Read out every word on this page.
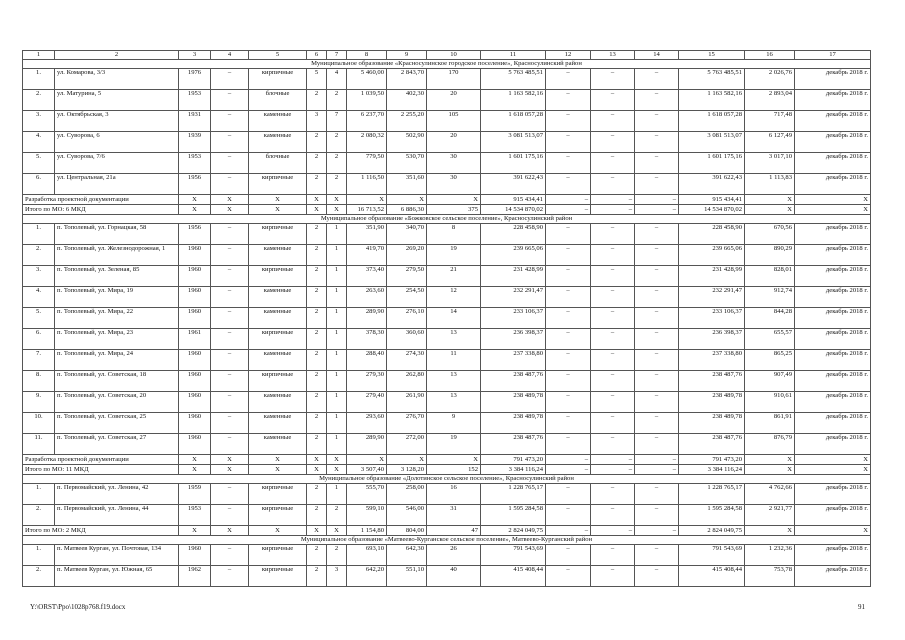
1	2	3	4	5	6	7	8	9	10	11	12	13	14	15	16	17
Муниципальное образование «Красносулинское городское поселение», Красносулинский район																
1.	ул. Комарова, 3/3	1976	–	кирпичные	5	4	5 460,00	2 843,70	170	5 763 485,51	–	–	–	5 763 485,51	2 026,76	декабрь 2018 г.
2.	ул. Матурина, 5	1953	–	блочные	2	2	1 039,50	402,30	20	1 163 582,16	–	–	–	1 163 582,16	2 893,04	декабрь 2018 г.
3.	ул. Октябрьская, 3	1931	–	каменные	3	7	6 237,70	2 255,20	105	1 618 057,28	–	–	–	1 618 057,28	717,48	декабрь 2018 г.
4.	ул. Суворова, 6	1939	–	каменные	2	2	2 080,32	502,90	20	3 081 513,07	–	–	–	3 081 513,07	6 127,49	декабрь 2018 г.
5.	ул. Суворова, 7/6	1953	–	блочные	2	2	779,50	530,70	30	1 601 175,16	–	–	–	1 601 175,16	3 017,10	декабрь 2018 г.
6.	ул. Центральная, 21а	1956	–	кирпичные	2	2	1 116,50	351,60	30	391 622,43	–	–	–	391 622,43	1 113,83	декабрь 2018 г.
Разработка проектной документации		X	X	X	X	X	X	X	X	915 434,41	–	–	–	915 434,41	X	X
Итого по МО: 6 МКД		X	X	X	X	X	16 713,52	6 886,30	375	14 534 870,02	–	–	–	14 534 870,02	X	X
Муниципальное образование «Божковское сельское поселение», Красносулинский район																
1.	п. Тополевый, ул. Горнацкая, 58	1956	–	кирпичные	2	1	351,90	340,70	8	228 458,90	–	–	–	228 458,90	670,56	декабрь 2018 г.
2.	п. Тополевый, ул. Железнодорожная, 1	1960	–	каменные	2	1	419,70	269,20	19	239 665,06	–	–	–	239 665,06	890,29	декабрь 2018 г.
3.	п. Тополевый, ул. Зеленая, 85	1960	–	кирпичные	2	1	373,40	279,50	21	231 428,99	–	–	–	231 428,99	828,01	декабрь 2018 г.
4.	п. Тополевый, ул. Мира, 19	1960	–	каменные	2	1	263,60	254,50	12	232 291,47	–	–	–	232 291,47	912,74	декабрь 2018 г.
5.	п. Тополевый, ул. Мира, 22	1960	–	каменные	2	1	289,90	276,10	14	233 106,37	–	–	–	233 106,37	844,28	декабрь 2018 г.
6.	п. Тополевый, ул. Мира, 23	1961	–	кирпичные	2	1	378,30	360,60	13	236 398,37	–	–	–	236 398,37	655,57	декабрь 2018 г.
7.	п. Тополевый, ул. Мира, 24	1960	–	каменные	2	1	288,40	274,30	11	237 338,80	–	–	–	237 338,80	865,25	декабрь 2018 г.
8.	п. Тополевый, ул. Советская, 18	1960	–	кирпичные	2	1	279,30	262,80	13	238 487,76	–	–	–	238 487,76	907,49	декабрь 2018 г.
9.	п. Тополевый, ул. Советская, 20	1960	–	каменные	2	1	279,40	261,90	13	238 489,78	–	–	–	238 489,78	910,61	декабрь 2018 г.
10.	п. Тополевый, ул. Советская, 25	1960	–	каменные	2	1	293,60	276,70	9	238 489,78	–	–	–	238 489,78	861,91	декабрь 2018 г.
11.	п. Тополевый, ул. Советская, 27	1960	–	каменные	2	1	289,90	272,00	19	238 487,76	–	–	–	238 487,76	876,79	декабрь 2018 г.
Разработка проектной документации		X	X	X	X	X	X	X	X	791 473,20	–	–	–	791 473,20	X	X
Итого по МО: 11 МКД		X	X	X	X	X	3 507,40	3 128,20	152	3 384 116,24	–	–	–	3 384 116,24	X	X
Муниципальное образование «Долотинское сельское поселение», Красносулинский район																
1.	п. Первомайский, ул. Ленина, 42	1959	–	кирпичные	2	1	555,70	258,00	16	1 228 765,17	–	–	–	1 228 765,17	4 762,66	декабрь 2018 г.
2.	п. Первомайский, ул. Ленина, 44	1953	–	кирпичные	2	2	599,10	546,00	31	1 595 284,58	–	–	–	1 595 284,58	2 921,77	декабрь 2018 г.
Итого по МО: 2 МКД		X	X	X	X	X	1 154,80	804,00	47	2 824 049,75	–	–	–	2 824 049,75	X	X
Муниципальное образование «Матвеево-Курганское сельское поселение», Матвеево-Курганский район																
1.	п. Матвеев Курган, ул. Почтовая, 134	1960	–	кирпичные	2	2	693,10	642,30	26	791 543,69	–	–	–	791 543,69	1 232,36	декабрь 2018 г.
2.	п. Матвеев Курган, ул. Южная, 65	1962	–	кирпичные	2	3	642,20	551,10	40	415 408,44	–	–	–	415 408,44	753,78	декабрь 2018 г.
Y:\ORST\Ppo\1028p768.f19.docx	91
